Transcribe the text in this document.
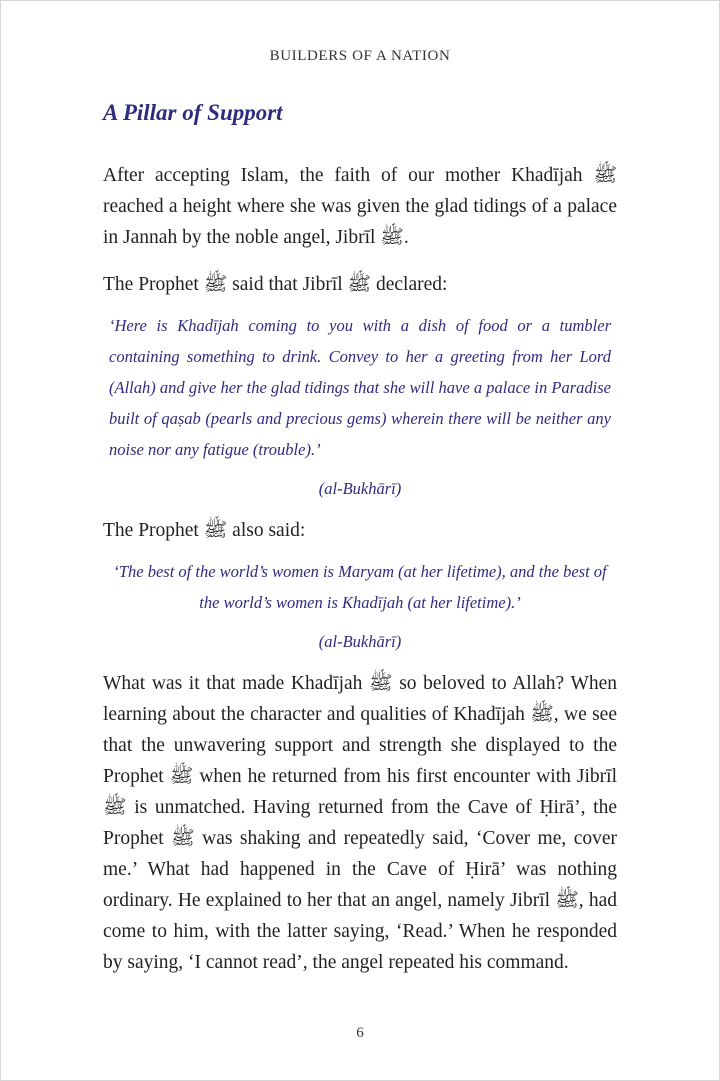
BUILDERS OF A NATION
A Pillar of Support

After accepting Islam, the faith of our mother Khadījah ﷺ reached a height where she was given the glad tidings of a palace in Jannah by the noble angel, Jibrīl ﷺ.

The Prophet ﷺ said that Jibrīl ﷺ declared:

‘Here is Khadījah coming to you with a dish of food or a tumbler containing something to drink. Convey to her a greeting from her Lord (Allah) and give her the glad tidings that she will have a palace in Paradise built of qaṣab (pearls and precious gems) wherein there will be neither any noise nor any fatigue (trouble).’

(al-Bukhārī)

The Prophet ﷺ also said:

‘The best of the world’s women is Maryam (at her lifetime), and the best of the world’s women is Khadījah (at her lifetime).’

(al-Bukhārī)

What was it that made Khadījah ﷺ so beloved to Allah? When learning about the character and qualities of Khadījah ﷺ, we see that the unwavering support and strength she displayed to the Prophet ﷺ when he returned from his first encounter with Jibrīl ﷺ is unmatched. Having returned from the Cave of Ḥirā’, the Prophet ﷺ was shaking and repeatedly said, ‘Cover me, cover me.’ What had happened in the Cave of Ḥirā’ was nothing ordinary. He explained to her that an angel, namely Jibrīl ﷺ, had come to him, with the latter saying, ‘Read.’ When he responded by saying, ‘I cannot read’, the angel repeated his command.

6
